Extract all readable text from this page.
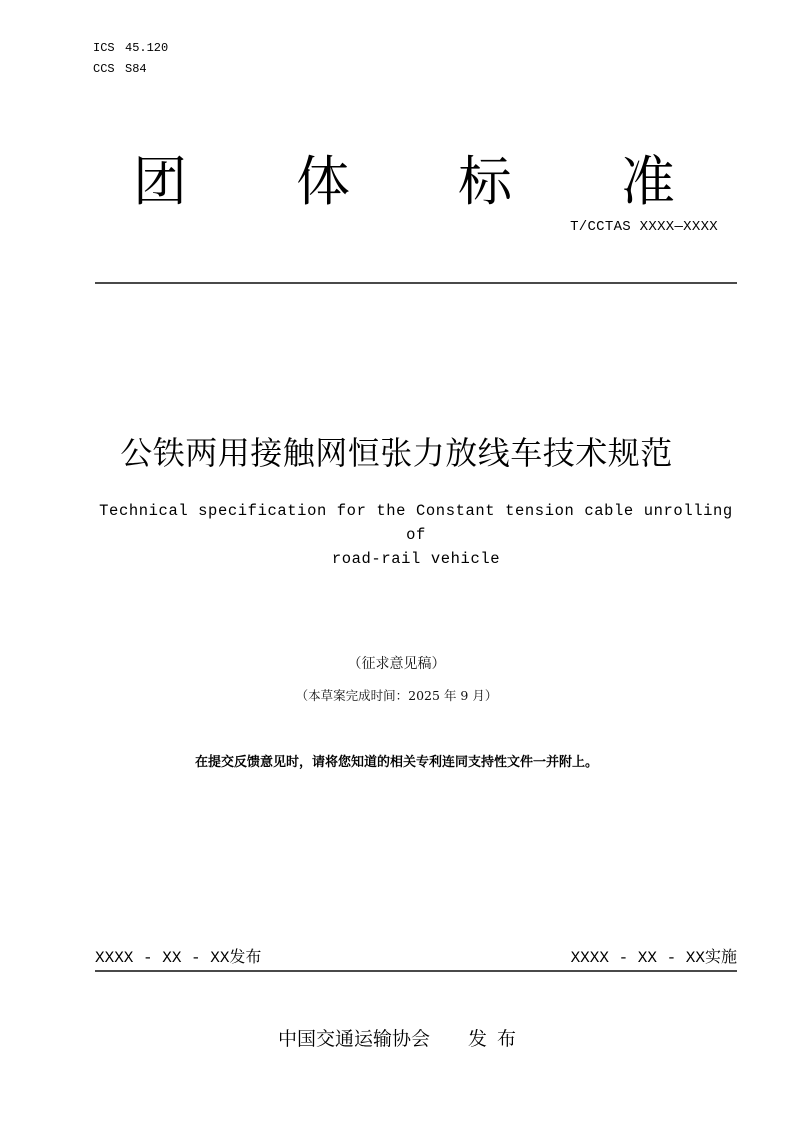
ICS 45.120
CCS S84
团 体 标 准
T/CCTAS XXXX—XXXX
公铁两用接触网恒张力放线车技术规范
Technical specification for the Constant tension cable unrolling of
road-rail vehicle
（征求意见稿）
（本草案完成时间：2025 年 9 月）
在提交反馈意见时，请将您知道的相关专利连同支持性文件一并附上。
XXXX - XX - XX发布	XXXX - XX - XX实施
中国交通运输协会 发布
